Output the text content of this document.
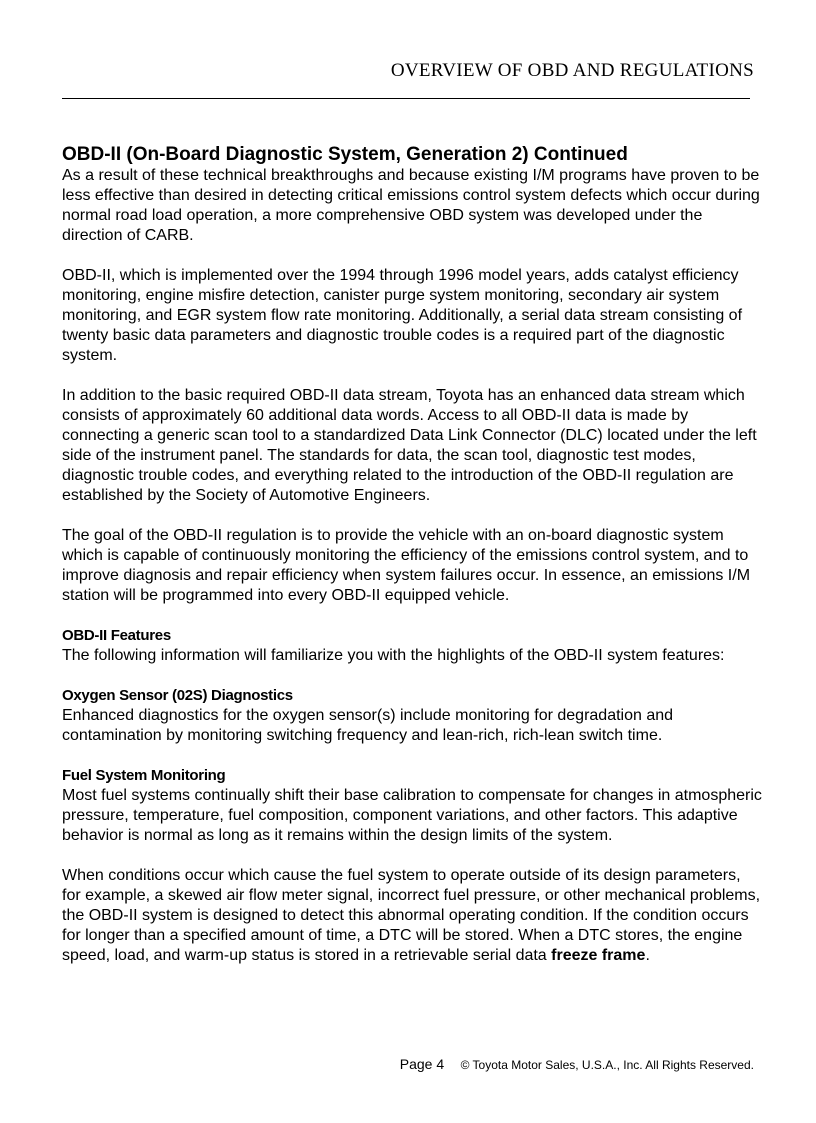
OVERVIEW OF OBD AND REGULATIONS
OBD-II (On-Board Diagnostic System, Generation 2) Continued

As a result of these technical breakthroughs and because existing I/M programs have proven to be less effective than desired in detecting critical emissions control system defects which occur during normal road load operation, a more comprehensive OBD system was developed under the direction of CARB.

OBD-II, which is implemented over the 1994 through 1996 model years, adds catalyst efficiency monitoring, engine misfire detection, canister purge system monitoring, secondary air system monitoring, and EGR system flow rate monitoring. Additionally, a serial data stream consisting of twenty basic data parameters and diagnostic trouble codes is a required part of the diagnostic system.

In addition to the basic required OBD-II data stream, Toyota has an enhanced data stream which consists of approximately 60 additional data words. Access to all OBD-II data is made by connecting a generic scan tool to a standardized Data Link Connector (DLC) located under the left side of the instrument panel. The standards for data, the scan tool, diagnostic test modes, diagnostic trouble codes, and everything related to the introduction of the OBD-II regulation are established by the Society of Automotive Engineers.

The goal of the OBD-II regulation is to provide the vehicle with an on-board diagnostic system which is capable of continuously monitoring the efficiency of the emissions control system, and to improve diagnosis and repair efficiency when system failures occur. In essence, an emissions I/M station will be programmed into every OBD-II equipped vehicle.

OBD-II Features

The following information will familiarize you with the highlights of the OBD-II system features:

Oxygen Sensor (02S) Diagnostics

Enhanced diagnostics for the oxygen sensor(s) include monitoring for degradation and contamination by monitoring switching frequency and lean-rich, rich-lean switch time.

Fuel System Monitoring

Most fuel systems continually shift their base calibration to compensate for changes in atmospheric pressure, temperature, fuel composition, component variations, and other factors. This adaptive behavior is normal as long as it remains within the design limits of the system.

When conditions occur which cause the fuel system to operate outside of its design parameters, for example, a skewed air flow meter signal, incorrect fuel pressure, or other mechanical problems, the OBD-II system is designed to detect this abnormal operating condition. If the condition occurs for longer than a specified amount of time, a DTC will be stored. When a DTC stores, the engine speed, load, and warm-up status is stored in a retrievable serial data freeze frame.

Page 4 © Toyota Motor Sales, U.S.A., Inc. All Rights Reserved.
